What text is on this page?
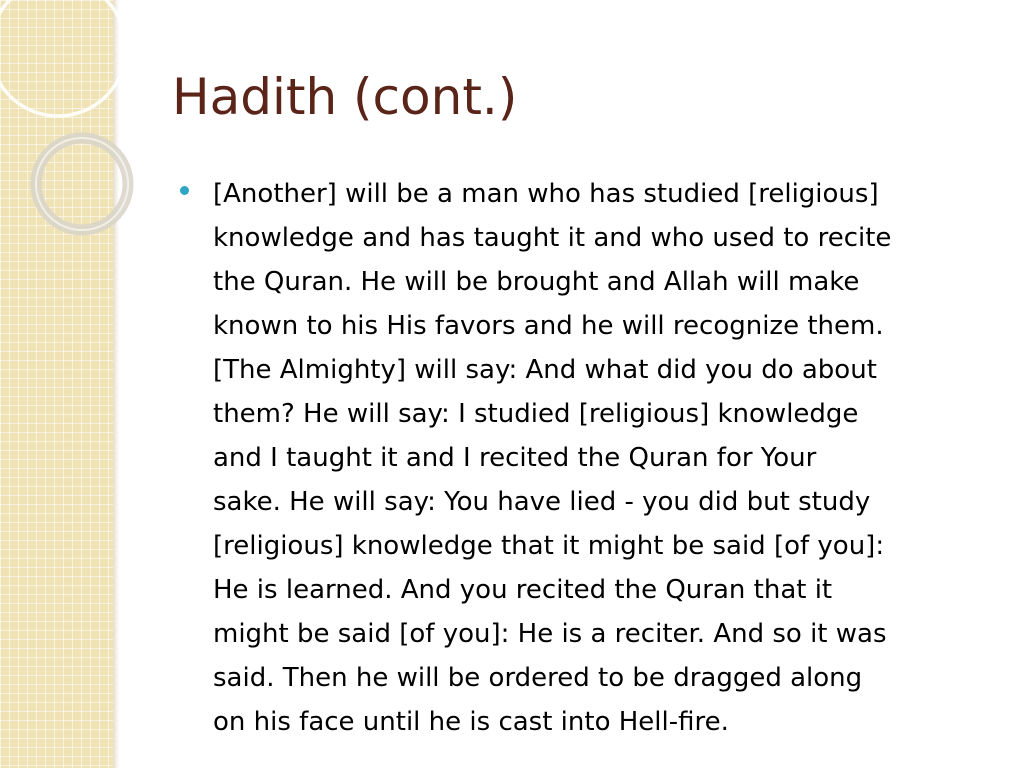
Hadith (cont.)

[Another] will be a man who has studied [religious]
knowledge and has taught it and who used to recite
the Quran. He will be brought and Allah will make
known to his His favors and he will recognize them.
[The Almighty] will say: And what did you do about
them? He will say: I studied [religious] knowledge
and I taught it and I recited the Quran for Your
sake. He will say: You have lied - you did but study
[religious] knowledge that it might be said [of you]:
He is learned. And you recited the Quran that it
might be said [of you]: He is a reciter. And so it was
said. Then he will be ordered to be dragged along
on his face until he is cast into Hell-fire.
